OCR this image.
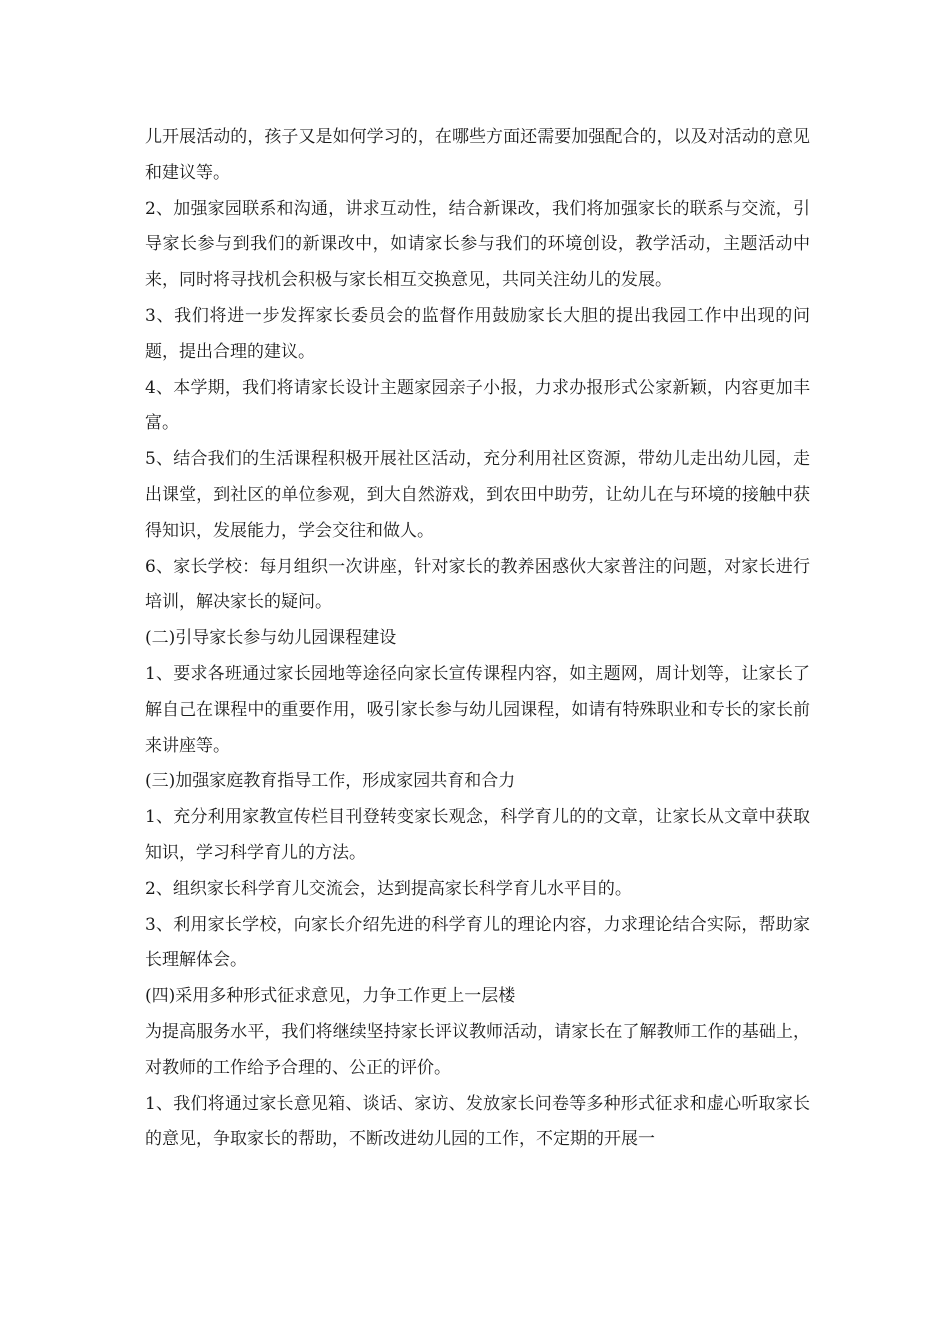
儿开展活动的，孩子又是如何学习的，在哪些方面还需要加强配合的，以及对活动的意见和建议等。

2、加强家园联系和沟通，讲求互动性，结合新课改，我们将加强家长的联系与交流，引导家长参与到我们的新课改中，如请家长参与我们的环境创设，教学活动，主题活动中来，同时将寻找机会积极与家长相互交换意见，共同关注幼儿的发展。

3、我们将进一步发挥家长委员会的监督作用鼓励家长大胆的提出我园工作中出现的问题，提出合理的建议。

4、本学期，我们将请家长设计主题家园亲子小报，力求办报形式公家新颖，内容更加丰富。

5、结合我们的生活课程积极开展社区活动，充分利用社区资源，带幼儿走出幼儿园，走出课堂，到社区的单位参观，到大自然游戏，到农田中助劳，让幼儿在与环境的接触中获得知识，发展能力，学会交往和做人。

6、家长学校：每月组织一次讲座，针对家长的教养困惑伙大家普注的问题，对家长进行培训，解决家长的疑问。

(二)引导家长参与幼儿园课程建设

1、要求各班通过家长园地等途径向家长宣传课程内容，如主题网，周计划等，让家长了解自己在课程中的重要作用，吸引家长参与幼儿园课程，如请有特殊职业和专长的家长前来讲座等。

(三)加强家庭教育指导工作，形成家园共育和合力

1、充分利用家教宣传栏目刊登转变家长观念，科学育儿的的文章，让家长从文章中获取知识，学习科学育儿的方法。

2、组织家长科学育儿交流会，达到提高家长科学育儿水平目的。

3、利用家长学校，向家长介绍先进的科学育儿的理论内容，力求理论结合实际，帮助家长理解体会。

(四)采用多种形式征求意见，力争工作更上一层楼

为提高服务水平，我们将继续坚持家长评议教师活动，请家长在了解教师工作的基础上，对教师的工作给予合理的、公正的评价。

1、我们将通过家长意见箱、谈话、家访、发放家长问卷等多种形式征求和虚心听取家长的意见，争取家长的帮助，不断改进幼儿园的工作，不定期的开展一
